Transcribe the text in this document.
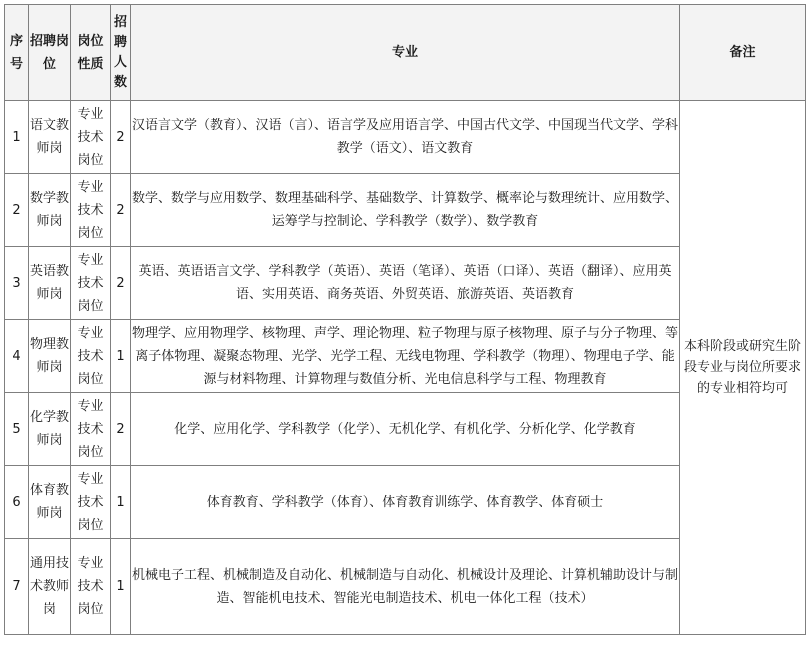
序号	招聘岗位	岗位性质	招聘人数	专业	备注
1	语文教师岗	专业技术岗位	2	汉语言文学（教育）、汉语（言）、语言学及应用语言学、中国古代文学、中国现当代文学、学科教学（语文）、语文教育	本科阶段或研究生阶段专业与岗位所要求的专业相符均可
2	数学教师岗	专业技术岗位	2	数学、数学与应用数学、数理基础科学、基础数学、计算数学、概率论与数理统计、应用数学、运筹学与控制论、学科教学（数学）、数学教育	
3	英语教师岗	专业技术岗位	2	英语、英语语言文学、学科教学（英语）、英语（笔译）、英语（口译）、英语（翻译）、应用英语、实用英语、商务英语、外贸英语、旅游英语、英语教育	
4	物理教师岗	专业技术岗位	1	物理学、应用物理学、核物理、声学、理论物理、粒子物理与原子核物理、原子与分子物理、等离子体物理、凝聚态物理、光学、光学工程、无线电物理、学科教学（物理）、物理电子学、能源与材料物理、计算物理与数值分析、光电信息科学与工程、物理教育	
5	化学教师岗	专业技术岗位	2	化学、应用化学、学科教学（化学）、无机化学、有机化学、分析化学、化学教育	
6	体育教师岗	专业技术岗位	1	体育教育、学科教学（体育）、体育教育训练学、体育教学、体育硕士	
7	通用技术教师岗	专业技术岗位	1	机械电子工程、机械制造及自动化、机械制造与自动化、机械设计及理论、计算机辅助设计与制造、智能机电技术、智能光电制造技术、机电一体化工程（技术）	
